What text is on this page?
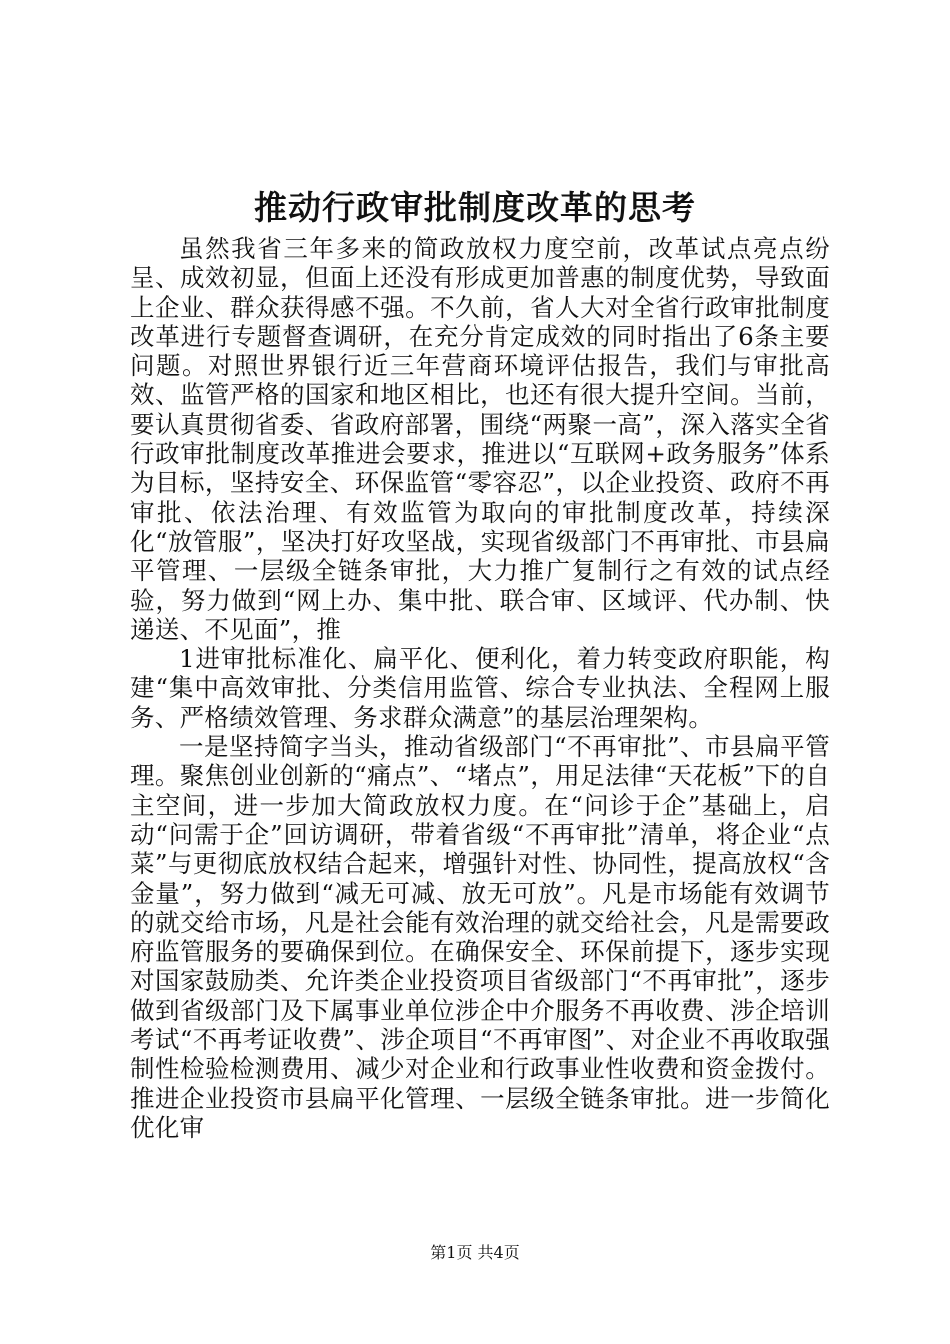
推动行政审批制度改革的思考

虽然我省三年多来的简政放权力度空前，改革试点亮点纷呈、成效初显，但面上还没有形成更加普惠的制度优势，导致面上企业、群众获得感不强。不久前，省人大对全省行政审批制度改革进行专题督查调研，在充分肯定成效的同时指出了6条主要问题。对照世界银行近三年营商环境评估报告，我们与审批高效、监管严格的国家和地区相比，也还有很大提升空间。当前，要认真贯彻省委、省政府部署，围绕“两聚一高”，深入落实全省行政审批制度改革推进会要求，推进以“互联网+政务服务”体系为目标，坚持安全、环保监管“零容忍”，以企业投资、政府不再审批、依法治理、有效监管为取向的审批制度改革，持续深化“放管服”，坚决打好攻坚战，实现省级部门不再审批、市县扁平管理、一层级全链条审批，大力推广复制行之有效的试点经验，努力做到“网上办、集中批、联合审、区域评、代办制、快递送、不见面”，推

1进审批标准化、扁平化、便利化，着力转变政府职能，构建“集中高效审批、分类信用监管、综合专业执法、全程网上服务、严格绩效管理、务求群众满意”的基层治理架构。

一是坚持简字当头，推动省级部门“不再审批”、市县扁平管理。聚焦创业创新的“痛点”、“堵点”，用足法律“天花板”下的自主空间，进一步加大简政放权力度。在“问诊于企”基础上，启动“问需于企”回访调研，带着省级“不再审批”清单，将企业“点菜”与更彻底放权结合起来，增强针对性、协同性，提高放权“含金量”，努力做到“减无可减、放无可放”。凡是市场能有效调节的就交给市场，凡是社会能有效治理的就交给社会，凡是需要政府监管服务的要确保到位。在确保安全、环保前提下，逐步实现对国家鼓励类、允许类企业投资项目省级部门“不再审批”，逐步做到省级部门及下属事业单位涉企中介服务不再收费、涉企培训考试“不再考证收费”、涉企项目“不再审图”、对企业不再收取强制性检验检测费用、减少对企业和行政事业性收费和资金拨付。推进企业投资市县扁平化管理、一层级全链条审批。进一步简化优化审

第1页 共4页
